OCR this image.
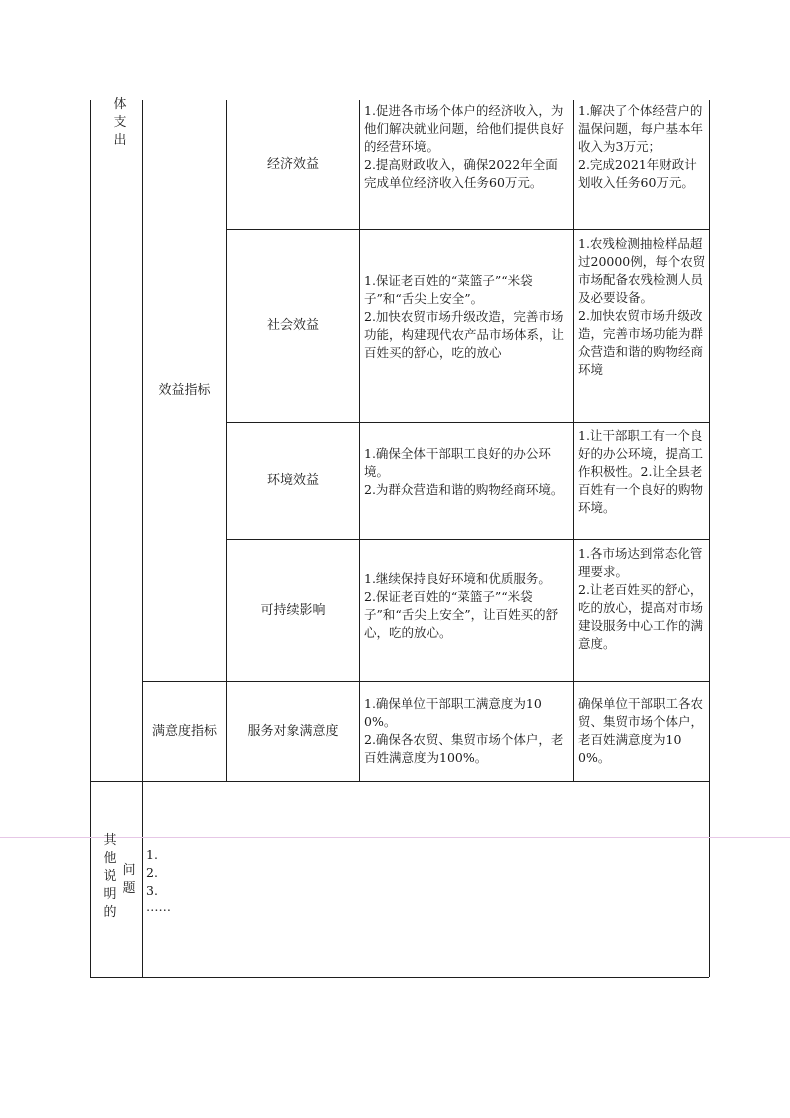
体支出
效益指标
满意度指标
经济效益
1.促进各市场个体户的经济收入，为他们解决就业问题，给他们提供良好的经营环境。
2.提高财政收入，确保2022年全面完成单位经济收入任务60万元。
1.解决了个体经营户的温保问题，每户基本年收入为3万元；
2.完成2021年财政计划收入任务60万元。
社会效益
1.保证老百姓的“菜篮子”“米袋子”和“舌尖上安全”。
2.加快农贸市场升级改造，完善市场功能，构建现代农产品市场体系，让百姓买的舒心，吃的放心
1.农残检测抽检样品超过20000例，每个农贸市场配备农残检测人员及必要设备。
2.加快农贸市场升级改造，完善市场功能为群众营造和谐的购物经商环境
环境效益
1.确保全体干部职工良好的办公环境。
2.为群众营造和谐的购物经商环境。
1.让干部职工有一个良好的办公环境，提高工作积极性。2.让全县老百姓有一个良好的购物环境。
可持续影响
1.继续保持良好环境和优质服务。
2.保证老百姓的“菜篮子”“米袋子”和“舌尖上安全”，让百姓买的舒心，吃的放心。
1.各市场达到常态化管理要求。
2.让老百姓买的舒心，吃的放心，提高对市场建设服务中心工作的满意度。
服务对象满意度
1.确保单位干部职工满意度为100%。
2.确保各农贸、集贸市场个体户，老百姓满意度为100%。
确保单位干部职工各农贸、集贸市场个体户，老百姓满意度为100%。
其他说明的
问题
1.
2.
3.
……
